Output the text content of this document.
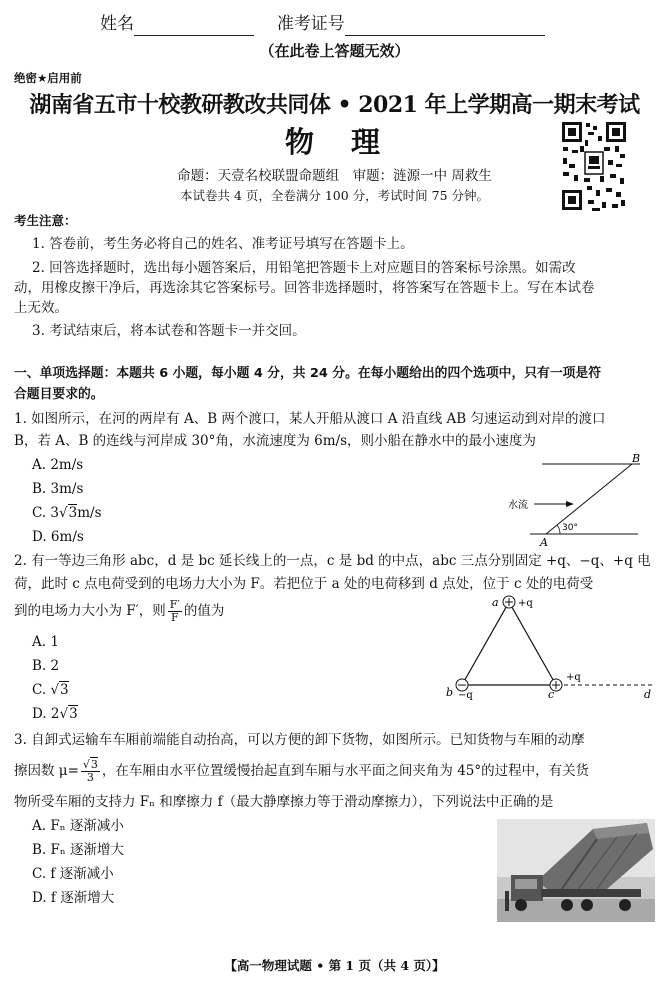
姓名	准考证号
（在此卷上答题无效）
绝密★启用前
湖南省五市十校教研教改共同体 • 2021 年上学期高一期末考试
物　理
命题：天壹名校联盟命题组　审题：涟源一中 周救生
本试卷共 4 页，全卷满分 100 分，考试时间 75 分钟。
考生注意：
1. 答卷前，考生务必将自己的姓名、准考证号填写在答题卡上。
2. 回答选择题时，选出每小题答案后，用铅笔把答题卡上对应题目的答案标号涂黑。如需改
动，用橡皮擦干净后，再选涂其它答案标号。回答非选择题时，将答案写在答题卡上。写在本试卷
上无效。
3. 考试结束后，将本试卷和答题卡一并交回。
一、单项选择题：本题共 6 小题，每小题 4 分，共 24 分。在每小题给出的四个选项中，只有一项是符
合题目要求的。
1. 如图所示，在河的两岸有 A、B 两个渡口，某人开船从渡口 A 沿直线 AB 匀速运动到对岸的渡口
B，若 A、B 的连线与河岸成 30°角，水流速度为 6m/s，则小船在静水中的最小速度为
A. 2m/s
B. 3m/s
C. 3√3m/s
D. 6m/s
B
A
水流
30°
2. 有一等边三角形 abc，d 是 bc 延长线上的一点，c 是 bd 的中点，abc 三点分别固定 +q、−q、+q 电
荷，此时 c 点电荷受到的电场力大小为 F。若把位于 a 处的电荷移到 d 点处，位于 c 处的电荷受
到的电场力大小为 F′，则 $\frac{F'}{F}$ 的值为
A. 1
B. 2
C. √3
D. 2√3
a +q
b −q	c
+q
d
3. 自卸式运输车车厢前端能自动抬高，可以方便的卸下货物，如图所示。已知货物与车厢的动摩
擦因数 $\mu= \frac{√3}{3}$ ，在车厢由水平位置缓慢抬起直到车厢与水平面之间夹角为 45°的过程中，有关货
物所受车厢的支持力 Fₙ 和摩擦力 f（最大静摩擦力等于滑动摩擦力），下列说法中正确的是
A. Fₙ 逐渐减小
B. Fₙ 逐渐增大
C. f 逐渐减小
D. f 逐渐增大
【高一物理试题 • 第 1 页（共 4 页）】
